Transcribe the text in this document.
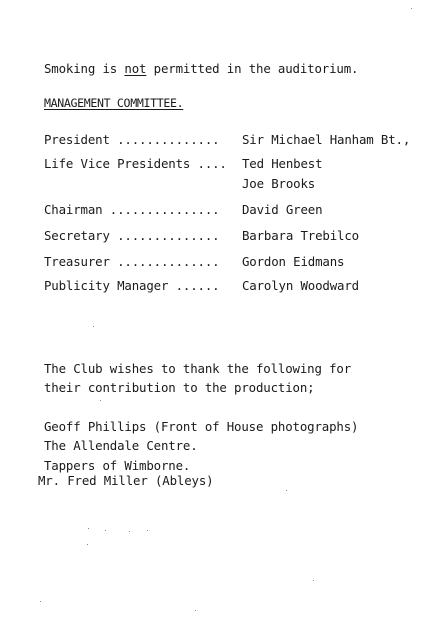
Smoking is not permitted in the auditorium.
MANAGEMENT COMMITTEE.
President .............. Sir Michael Hanham Bt.,
Life Vice Presidents .... Ted Henbest
Joe Brooks
Chairman ............... David Green
Secretary .............. Barbara Trebilco
Treasurer .............. Gordon Eidmans
Publicity Manager ...... Carolyn Woodward
The Club wishes to thank the following for
their contribution to the production;
Geoff Phillips (Front of House photographs)
The Allendale Centre.
Tappers of Wimborne.
Mr. Fred Miller (Ableys)
